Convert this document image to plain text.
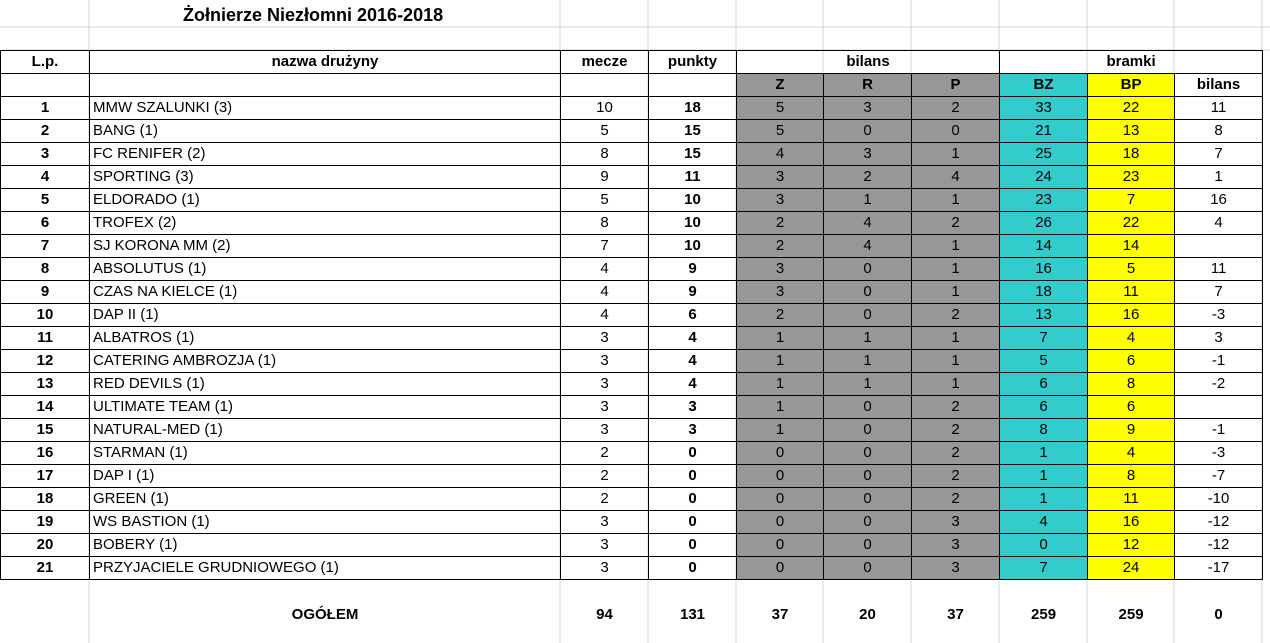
Żołnierze Niezłomni 2016-2018
L.p.	nazwa drużyny	mecze	punkty	bilans			bramki		
				Z	R	P	BZ	BP	bilans
1	MMW SZALUNKI (3)	10	18	5	3	2	33	22	11
2	BANG (1)	5	15	5	0	0	21	13	8
3	FC RENIFER (2)	8	15	4	3	1	25	18	7
4	SPORTING (3)	9	11	3	2	4	24	23	1
5	ELDORADO (1)	5	10	3	1	1	23	7	16
6	TROFEX (2)	8	10	2	4	2	26	22	4
7	SJ KORONA MM (2)	7	10	2	4	1	14	14	
8	ABSOLUTUS (1)	4	9	3	0	1	16	5	11
9	CZAS NA KIELCE (1)	4	9	3	0	1	18	11	7
10	DAP II (1)	4	6	2	0	2	13	16	-3
11	ALBATROS (1)	3	4	1	1	1	7	4	3
12	CATERING AMBROZJA (1)	3	4	1	1	1	5	6	-1
13	RED DEVILS (1)	3	4	1	1	1	6	8	-2
14	ULTIMATE TEAM (1)	3	3	1	0	2	6	6	
15	NATURAL-MED (1)	3	3	1	0	2	8	9	-1
16	STARMAN (1)	2	0	0	0	2	1	4	-3
17	DAP I (1)	2	0	0	0	2	1	8	-7
18	GREEN (1)	2	0	0	0	2	1	11	-10
19	WS BASTION (1)	3	0	0	0	3	4	16	-12
20	BOBERY (1)	3	0	0	0	3	0	12	-12
21	PRZYJACIELE GRUDNIOWEGO (1)	3	0	0	0	3	7	24	-17

	OGÓŁEM	94	131	37	20	37	259	259	0
